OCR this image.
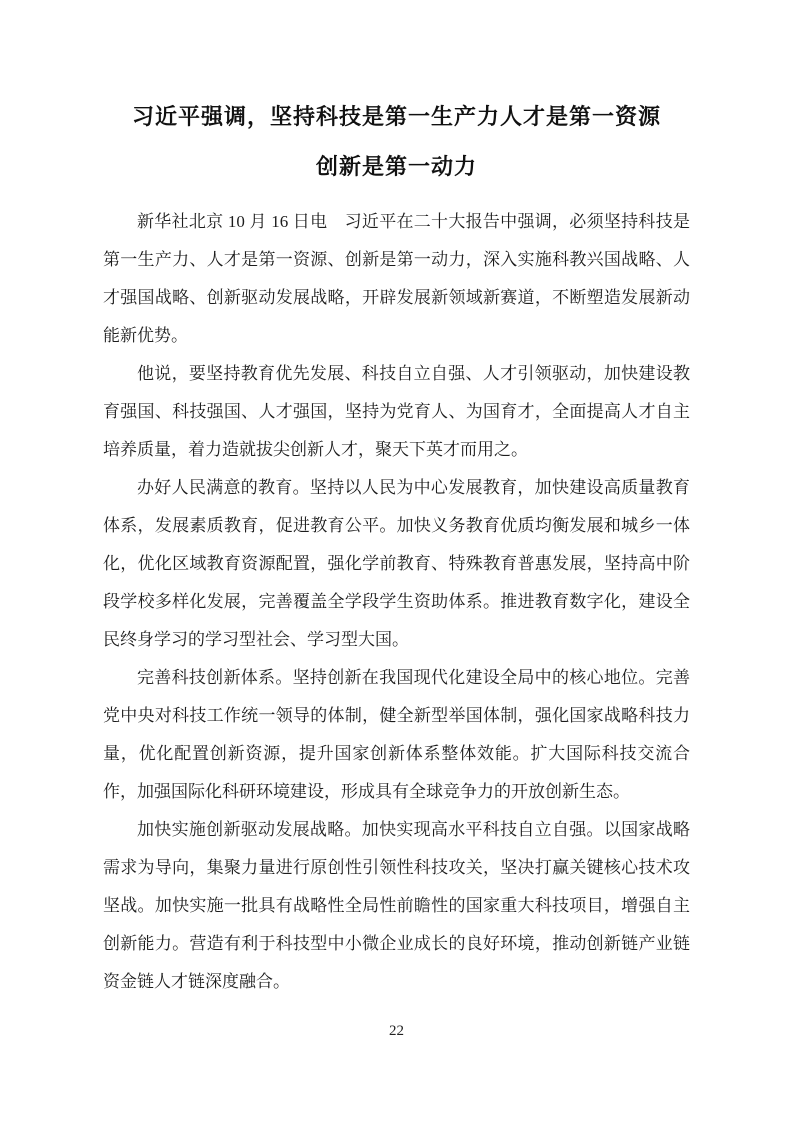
习近平强调，坚持科技是第一生产力人才是第一资源
创新是第一动力

新华社北京 10 月 16 日电　习近平在二十大报告中强调，必须坚持科技是第一生产力、人才是第一资源、创新是第一动力，深入实施科教兴国战略、人才强国战略、创新驱动发展战略，开辟发展新领域新赛道，不断塑造发展新动能新优势。

他说，要坚持教育优先发展、科技自立自强、人才引领驱动，加快建设教育强国、科技强国、人才强国，坚持为党育人、为国育才，全面提高人才自主培养质量，着力造就拔尖创新人才，聚天下英才而用之。

办好人民满意的教育。坚持以人民为中心发展教育，加快建设高质量教育体系，发展素质教育，促进教育公平。加快义务教育优质均衡发展和城乡一体化，优化区域教育资源配置，强化学前教育、特殊教育普惠发展，坚持高中阶段学校多样化发展，完善覆盖全学段学生资助体系。推进教育数字化，建设全民终身学习的学习型社会、学习型大国。

完善科技创新体系。坚持创新在我国现代化建设全局中的核心地位。完善党中央对科技工作统一领导的体制，健全新型举国体制，强化国家战略科技力量，优化配置创新资源，提升国家创新体系整体效能。扩大国际科技交流合作，加强国际化科研环境建设，形成具有全球竞争力的开放创新生态。

加快实施创新驱动发展战略。加快实现高水平科技自立自强。以国家战略需求为导向，集聚力量进行原创性引领性科技攻关，坚决打赢关键核心技术攻坚战。加快实施一批具有战略性全局性前瞻性的国家重大科技项目，增强自主创新能力。营造有利于科技型中小微企业成长的良好环境，推动创新链产业链资金链人才链深度融合。

22
